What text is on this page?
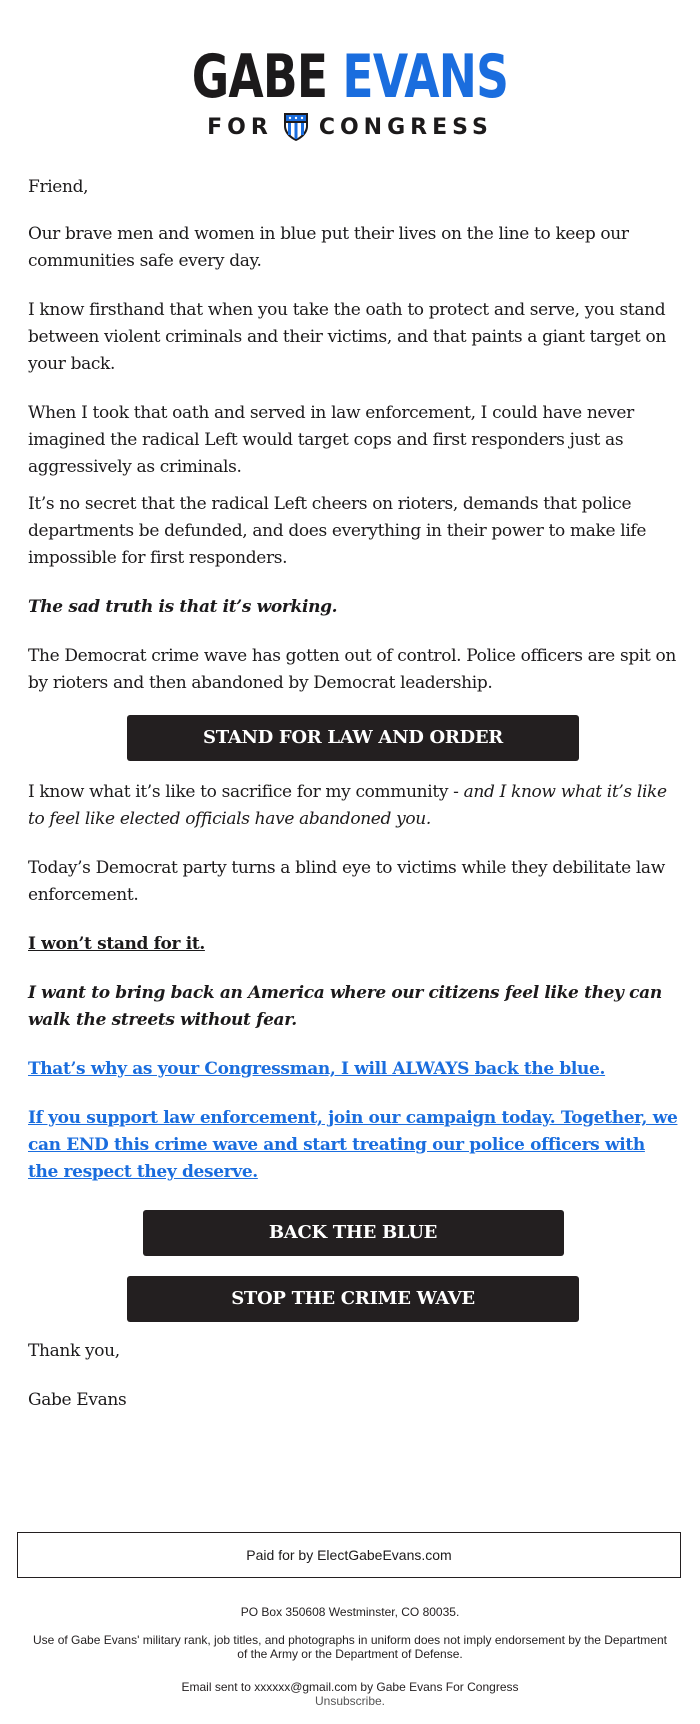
GABE EVANS
FOR CONGRESS

Friend,

Our brave men and women in blue put their lives on the line to keep our communities safe every day.

I know firsthand that when you take the oath to protect and serve, you stand between violent criminals and their victims, and that paints a giant target on your back.

When I took that oath and served in law enforcement, I could have never imagined the radical Left would target cops and first responders just as aggressively as criminals.

It’s no secret that the radical Left cheers on rioters, demands that police departments be defunded, and does everything in their power to make life impossible for first responders.

The sad truth is that it’s working.

The Democrat crime wave has gotten out of control. Police officers are spit on by rioters and then abandoned by Democrat leadership.

STAND FOR LAW AND ORDER

I know what it’s like to sacrifice for my community - and I know what it’s like to feel like elected officials have abandoned you.

Today’s Democrat party turns a blind eye to victims while they debilitate law enforcement.

I won’t stand for it.

I want to bring back an America where our citizens feel like they can walk the streets without fear.

That’s why as your Congressman, I will ALWAYS back the blue.

If you support law enforcement, join our campaign today. Together, we can END this crime wave and start treating our police officers with the respect they deserve.

BACK THE BLUE
STOP THE CRIME WAVE

Thank you,

Gabe Evans

Paid for by ElectGabeEvans.com
PO Box 350608 Westminster, CO 80035.
Use of Gabe Evans' military rank, job titles, and photographs in uniform does not imply endorsement by the Department of the Army or the Department of Defense.
Email sent to xxxxxx@gmail.com by Gabe Evans For Congress
Unsubscribe.
